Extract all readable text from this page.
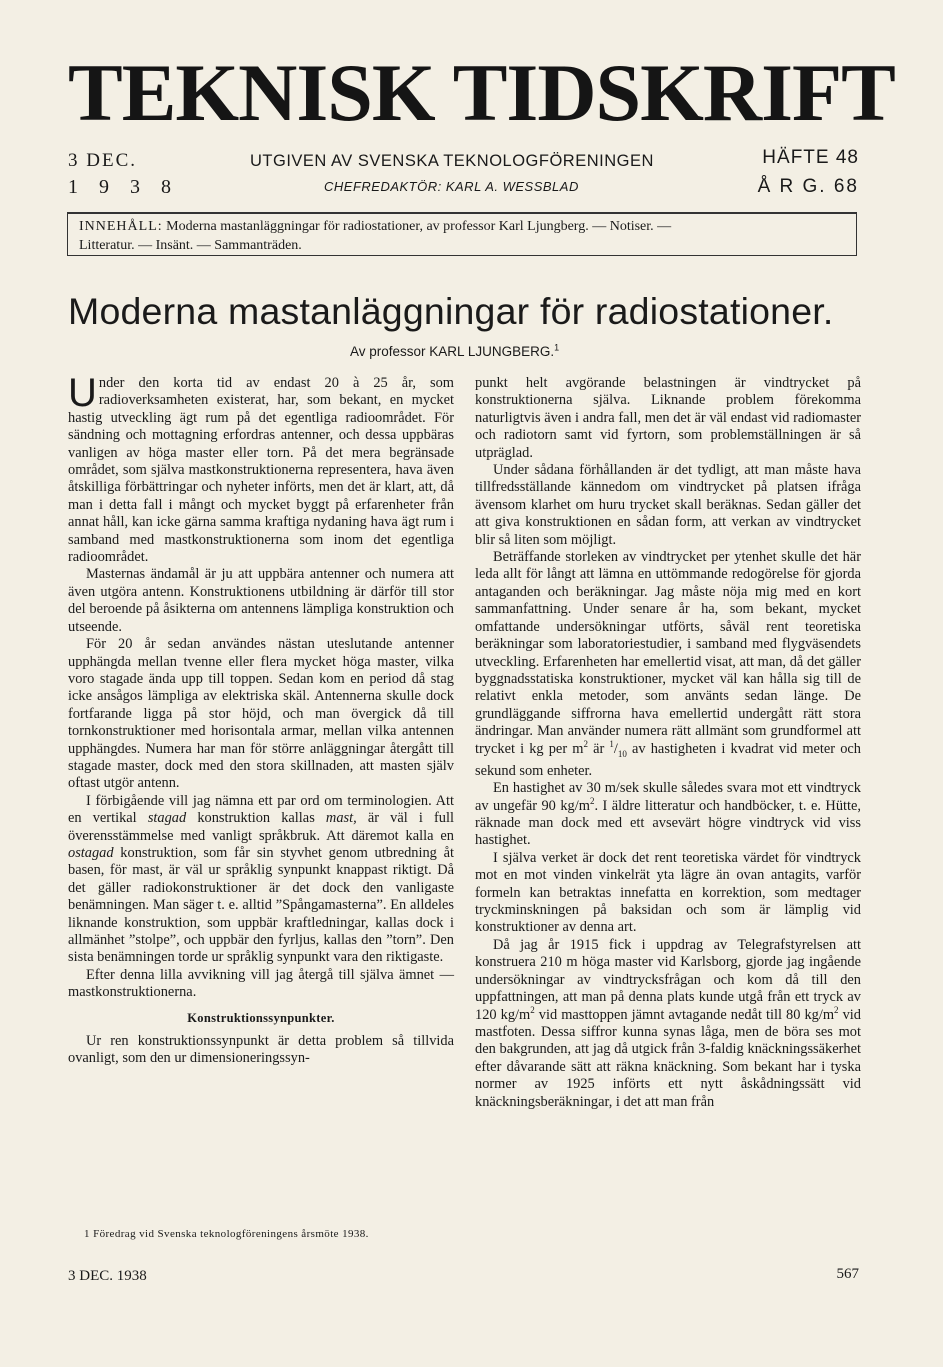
TEKNISK TIDSKRIFT
3 DEC.
1 9 3 8
UTGIVEN AV SVENSKA TEKNOLOGFÖRENINGEN
CHEFREDAKTÖR: KARL A. WESSBLAD
HÄFTE 48
Å R G. 68
INNEHÅLL: Moderna mastanläggningar för radiostationer, av professor Karl Ljungberg. — Notiser. —
Litteratur. — Insänt. — Sammanträden.
Moderna mastanläggningar för radiostationer.
Av professor KARL LJUNGBERG.$^1$

Under den korta tid av endast 20 à 25 år, som radioverksamheten existerat, har, som bekant, en mycket hastig utveckling ägt rum på det egentliga radioområdet. För sändning och mottagning erfordras antenner, och dessa uppbäras vanligen av höga master eller torn. På det mera begränsade området, som själva mastkonstruktionerna representera, hava även åtskilliga förbättringar och nyheter införts, men det är klart, att, då man i detta fall i mångt och mycket byggt på erfarenheter från annat håll, kan icke gärna samma kraftiga nydaning hava ägt rum i samband med mastkonstruktionerna som inom det egentliga radioområdet.

Masternas ändamål är ju att uppbära antenner och numera att även utgöra antenn. Konstruktionens utbildning är därför till stor del beroende på åsikterna om antennens lämpliga konstruktion och utseende.

För 20 år sedan användes nästan uteslutande antenner upphängda mellan tvenne eller flera mycket höga master, vilka voro stagade ända upp till toppen. Sedan kom en period då stag icke ansågos lämpliga av elektriska skäl. Antennerna skulle dock fortfarande ligga på stor höjd, och man övergick då till tornkonstruktioner med horisontala armar, mellan vilka antennen upphängdes. Numera har man för större anläggningar återgått till stagade master, dock med den stora skillnaden, att masten själv oftast utgör antenn.

I förbigående vill jag nämna ett par ord om terminologien. Att en vertikal stagad konstruktion kallas mast, är väl i full överensstämmelse med vanligt språkbruk. Att däremot kalla en ostagad konstruktion, som får sin styvhet genom utbredning åt basen, för mast, är väl ur språklig synpunkt knappast riktigt. Då det gäller radiokonstruktioner är det dock den vanligaste benämningen. Man säger t. e. alltid ”Spångamasterna”. En alldeles liknande konstruktion, som uppbär kraftledningar, kallas dock i allmänhet ”stolpe”, och uppbär den fyrljus, kallas den ”torn”. Den sista benämningen torde ur språklig synpunkt vara den riktigaste.

Efter denna lilla avvikning vill jag återgå till själva ämnet — mastkonstruktionerna.

Konstruktionssynpunkter.

Ur ren konstruktionssynpunkt är detta problem så tillvida ovanligt, som den ur dimensioneringssyn-

punkt helt avgörande belastningen är vindtrycket på konstruktionerna själva. Liknande problem förekomma naturligtvis även i andra fall, men det är väl endast vid radiomaster och radiotorn samt vid fyrtorn, som problemställningen är så utpräglad.

Under sådana förhållanden är det tydligt, att man måste hava tillfredsställande kännedom om vindtrycket på platsen ifråga ävensom klarhet om huru trycket skall beräknas. Sedan gäller det att giva konstruktionen en sådan form, att verkan av vindtrycket blir så liten som möjligt.

Beträffande storleken av vindtrycket per ytenhet skulle det här leda allt för långt att lämna en uttömmande redogörelse för gjorda antaganden och beräkningar. Jag måste nöja mig med en kort sammanfattning. Under senare år ha, som bekant, mycket omfattande undersökningar utförts, såväl rent teoretiska beräkningar som laboratoriestudier, i samband med flygväsendets utveckling. Erfarenheten har emellertid visat, att man, då det gäller byggnadsstatiska konstruktioner, mycket väl kan hålla sig till de relativt enkla metoder, som använts sedan länge. De grundläggande siffrorna hava emellertid undergått rätt stora ändringar. Man använder numera rätt allmänt som grundformel att trycket i kg per $m^2$ är $^1/_{10}$ av hastigheten i kvadrat vid meter och sekund som enheter.

En hastighet av 30 m/sek skulle således svara mot ett vindtryck av ungefär 90 $kg/m^2$. I äldre litteratur och handböcker, t. e. Hütte, räknade man dock med ett avsevärt högre vindtryck vid viss hastighet.

I själva verket är dock det rent teoretiska värdet för vindtryck mot en mot vinden vinkelrät yta lägre än ovan antagits, varför formeln kan betraktas innefatta en korrektion, som medtager tryckminskningen på baksidan och som är lämplig vid konstruktioner av denna art.

Då jag år 1915 fick i uppdrag av Telegrafstyrelsen att konstruera 210 m höga master vid Karlsborg, gjorde jag ingående undersökningar av vindtrycksfrågan och kom då till den uppfattningen, att man på denna plats kunde utgå från ett tryck av 120 $kg/m^2$ vid masttoppen jämnt avtagande nedåt till 80 $kg/m^2$ vid mastfoten. Dessa siffror kunna synas låga, men de böra ses mot den bakgrunden, att jag då utgick från 3-faldig knäckningssäkerhet efter dåvarande sätt att räkna knäckning. Som bekant har i tyska normer av 1925 införts ett nytt åskådningssätt vid knäckningsberäkningar, i det att man från

1 Föredrag vid Svenska teknologföreningens årsmöte 1938.
3 DEC. 1938	567
